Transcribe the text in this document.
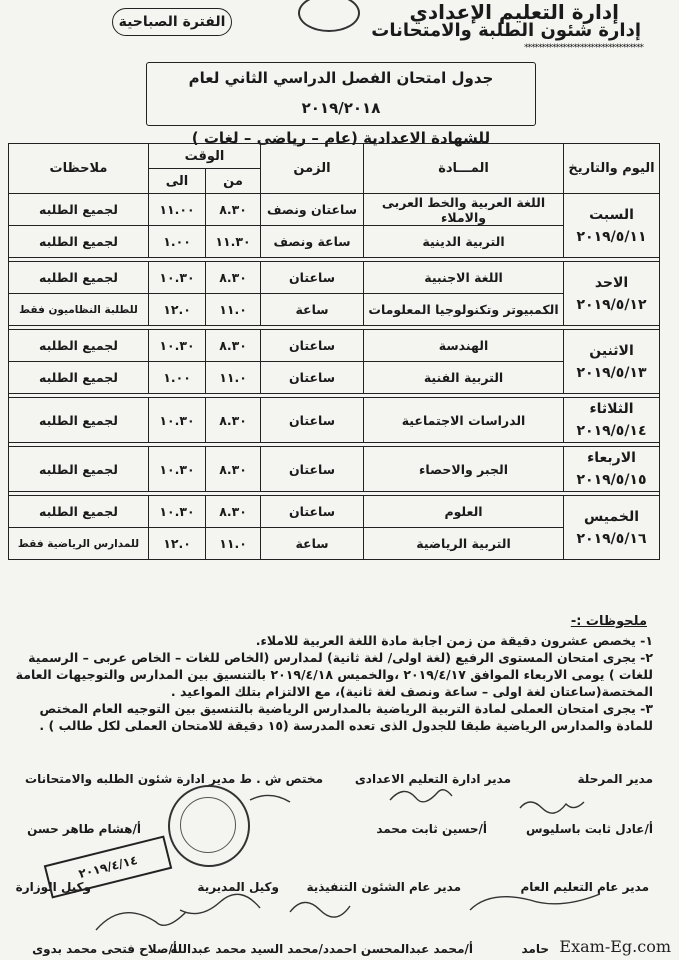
إدارة التعليم الإعدادي
إدارة شئون الطلبة والامتحانات
**********************************
الفترة الصباحية
جدول امتحان الفصل الدراسي الثاني لعام ٢٠١٩/٢٠١٨
للشهادة الاعدادية (عام – رياضى – لغات )
اليوم والتاريخ	المـــادة	الزمن	الوقت		ملاحظات
			من	الى	

السبت
٢٠١٩/٥/١١	اللغة العربية والخط العربى والاملاء	ساعتان ونصف	٨.٣٠	١١.٠٠	لجميع الطلبه
	التربية الدينية	ساعة ونصف	١١.٣٠	١.٠٠	لجميع الطلبه

الاحد
٢٠١٩/٥/١٢	اللغة الاجنبية	ساعتان	٨.٣٠	١٠.٣٠	لجميع الطلبه
	الكمبيوتر وتكنولوجيا المعلومات	ساعة	١١.٠	١٢.٠	للطلبة النظاميون فقط

الاثنين
٢٠١٩/٥/١٣	الهندسة	ساعتان	٨.٣٠	١٠.٣٠	لجميع الطلبه
	التربية الفنية	ساعتان	١١.٠	١.٠٠	لجميع الطلبه

الثلاثاء
٢٠١٩/٥/١٤	الدراسات الاجتماعية	ساعتان	٨.٣٠	١٠.٣٠	لجميع الطلبه

الاربعاء
٢٠١٩/٥/١٥	الجبر والاحصاء	ساعتان	٨.٣٠	١٠.٣٠	لجميع الطلبه

الخميس
٢٠١٩/٥/١٦	العلوم	ساعتان	٨.٣٠	١٠.٣٠	لجميع الطلبه
	التربية الرياضية	ساعة	١١.٠	١٢.٠	للمدارس الرياضية فقط
ملحوظات :-
١- يخصص عشرون دقيقة من زمن اجابة مادة اللغة العربية للاملاء.
٢- يجرى امتحان المستوى الرفيع (لغة اولى/ لغة ثانية) لمدارس (الخاص للغات – الخاص عربى – الرسمية للغات ) يومى الاربعاء الموافق ٢٠١٩/٤/١٧ ،والخميس ٢٠١٩/٤/١٨ بالتنسيق بين المدارس والتوجيهات العامة المختصة(ساعتان لغة اولى – ساعة ونصف لغة ثانية)، مع الالتزام بتلك المواعيد .
٣- يجرى امتحان العملى لمادة التربية الرياضية بالمدارس الرياضية بالتنسيق بين التوجيه العام المختص للمادة والمدارس الرياضية طبقا للجدول الذى تعده المدرسة (١٥ دقيقة للامتحان العملى لكل طالب ) .
مدير المرحلة
أ/عادل ثابت باسليوس
مدير ادارة التعليم الاعدادى
أ/حسين ثابت محمد
مختص ش . ط مدير ادارة شئون الطلبه والامتحانات
أ/هشام طاهر حسن
مدير عام التعليم العام
حامد
مدير عام الشئون التنفيذية
أ/محمد عبدالمحسن احمد
وكيل المديرية
د/محمد السيد محمد عبدالله
وكيل الوزارة
أ/صلاح فتحى محمد بدوى
٢٠١٩/٤/١٤
Exam-Eg.com
